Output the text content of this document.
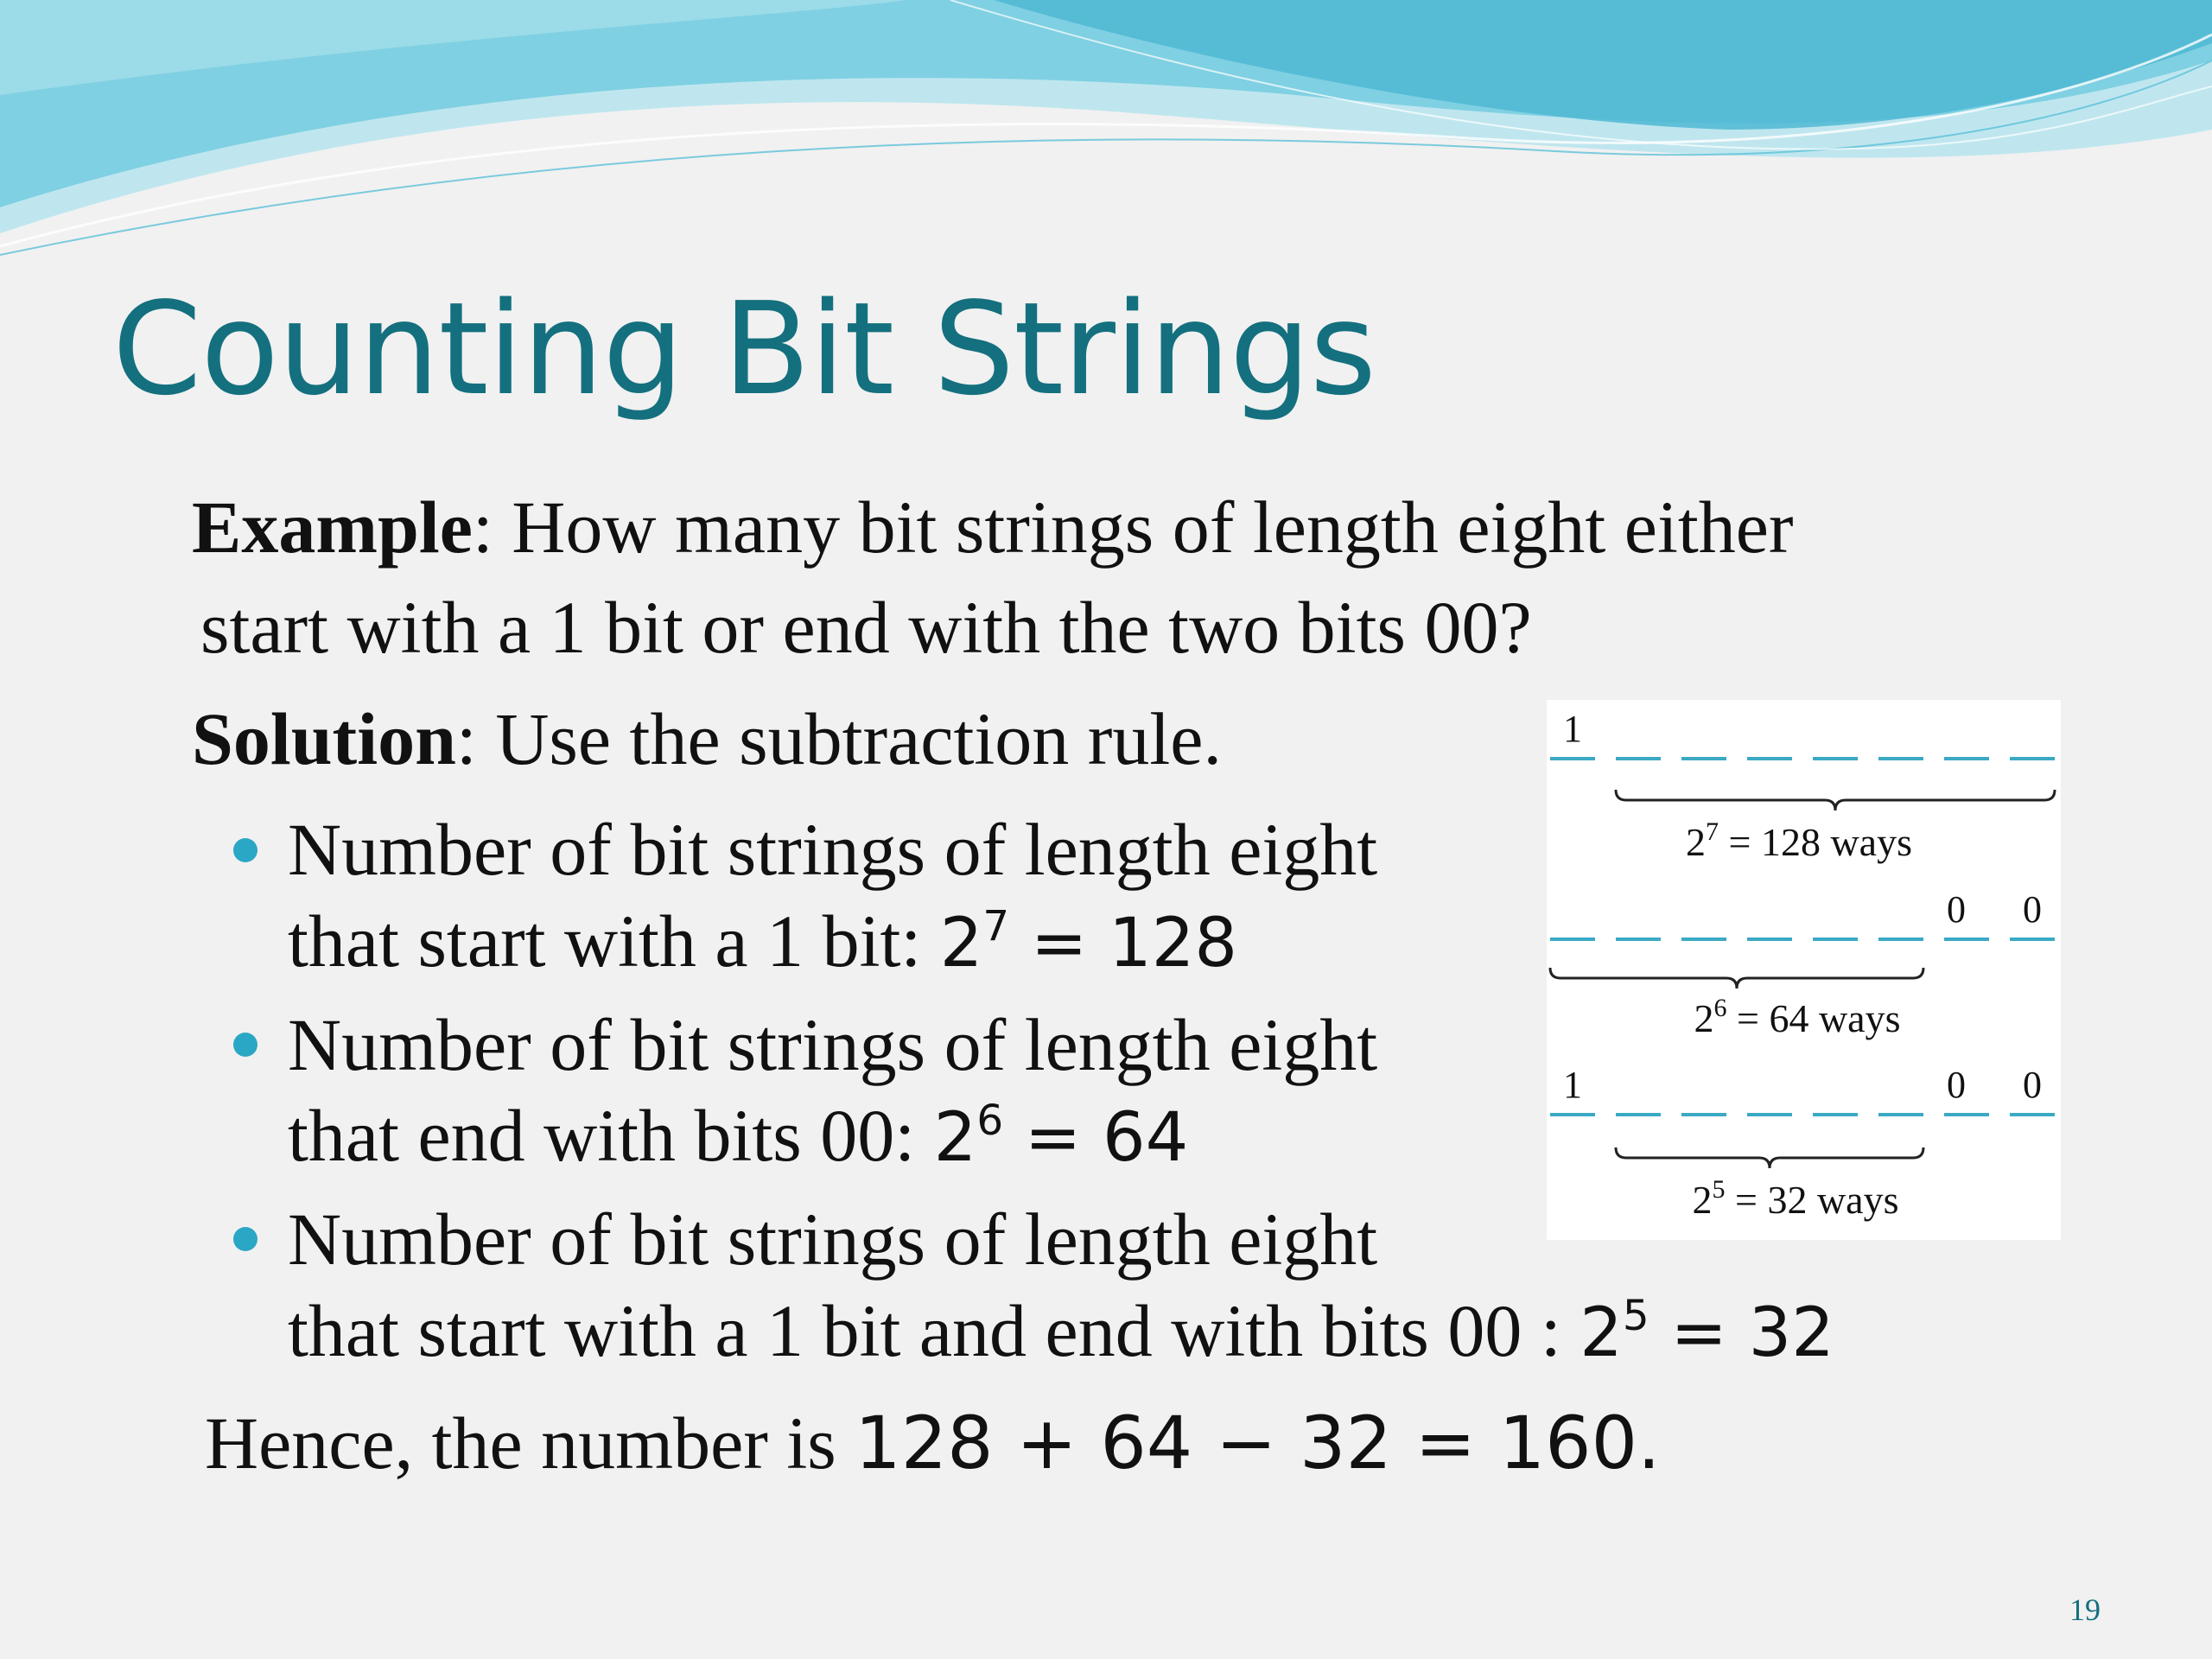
Counting Bit Strings
Example: How many bit strings of length eight either
start with a 1 bit or end with the two bits 00?
Solution: Use the subtraction rule.
Number of bit strings of length eight
that start with a 1 bit: $2^7 = 128$
Number of bit strings of length eight
that end with bits 00: $2^6 = 64$
Number of bit strings of length eight
that start with a 1 bit and end with bits 00 : $2^5 = 32$
Hence, the number is 128 + 64 − 32 = 160.
1
$2^7 = 128$ ways
0 0
$2^6 = 64$ ways
1	0 0
$2^5 = 32$ ways
19
